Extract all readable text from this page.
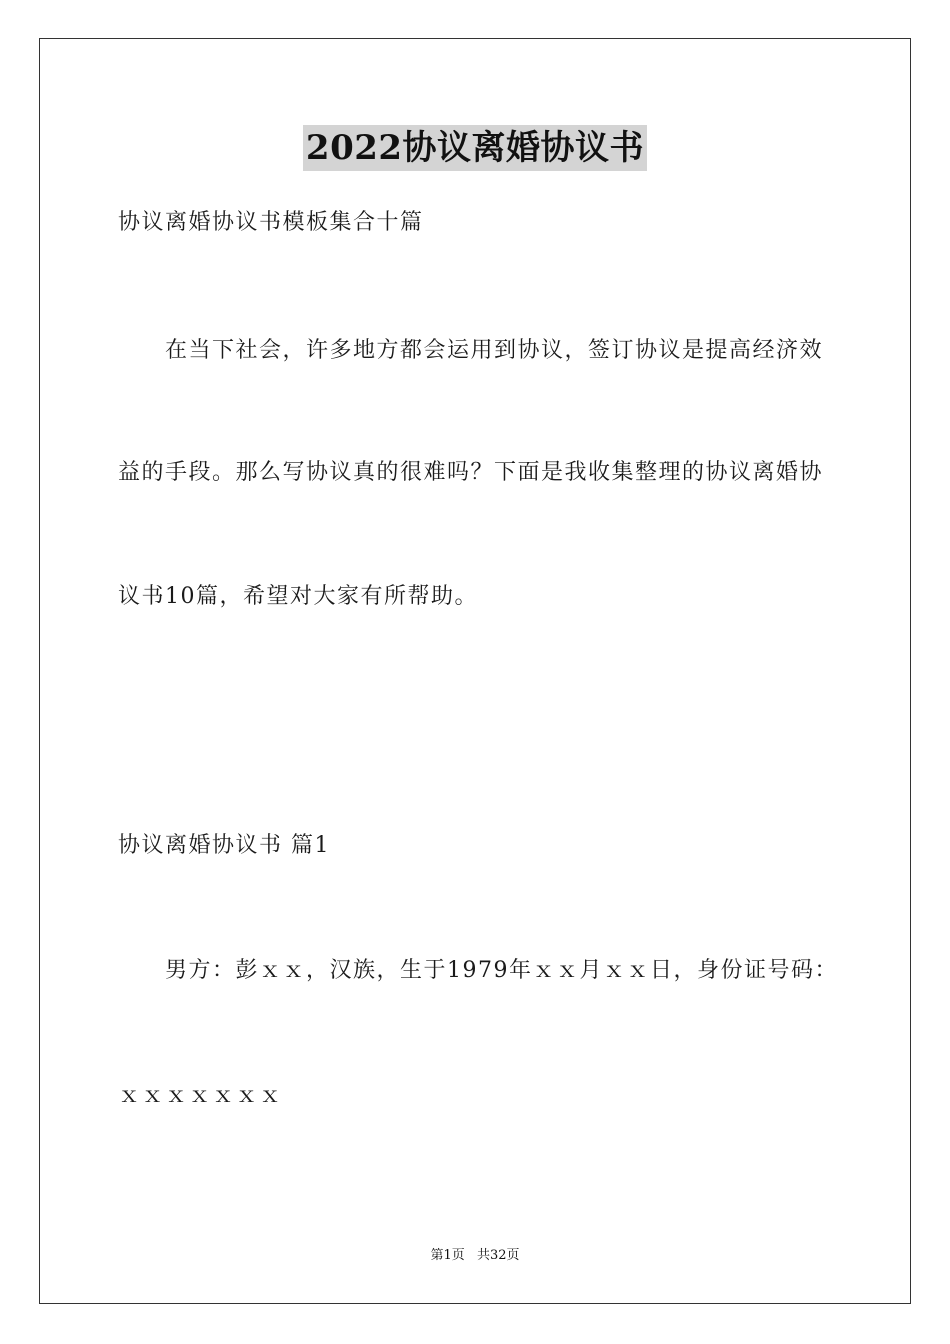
2022协议离婚协议书
协议离婚协议书模板集合十篇
在当下社会，许多地方都会运用到协议，签订协议是提高经济效
益的手段。那么写协议真的很难吗？下面是我收集整理的协议离婚协
议书10篇，希望对大家有所帮助。
协议离婚协议书 篇1
男方：彭ｘｘ，汉族，生于1979年ｘｘ月ｘｘ日，身份证号码：
ｘｘｘｘｘｘｘ
第1页 共32页
